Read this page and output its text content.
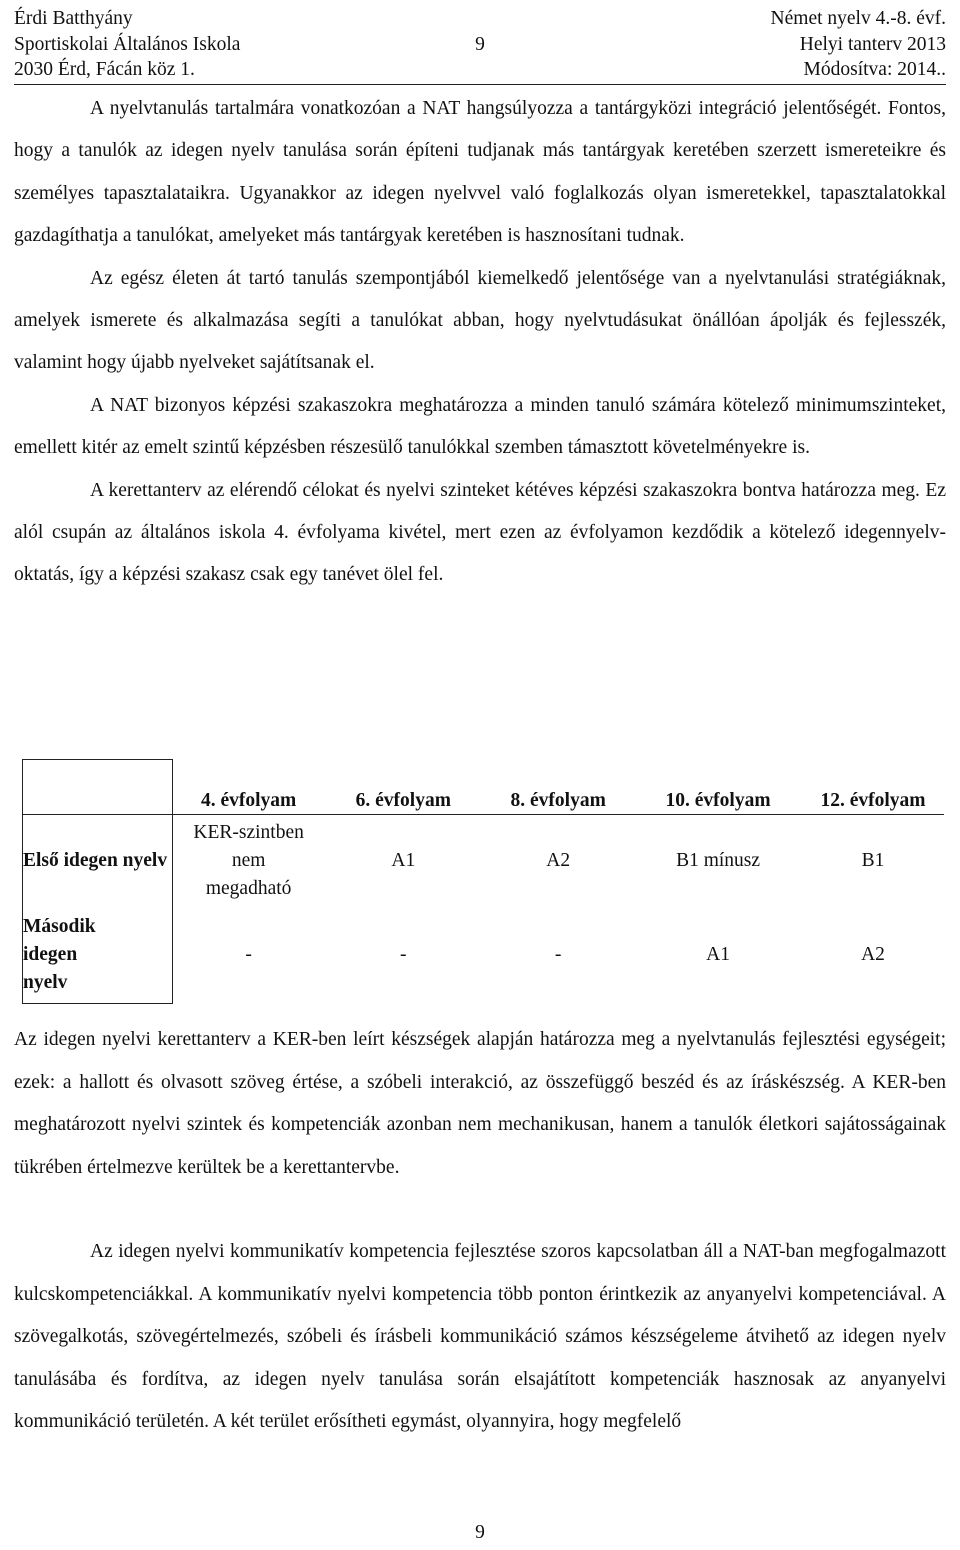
Érdi Batthyány	Német nyelv 4.-8. évf.
Sportiskolai Általános Iskola	9	Helyi tanterv 2013
2030 Érd, Fácán köz 1.	Módosítva: 2014..

A nyelvtanulás tartalmára vonatkozóan a NAT hangsúlyozza a tantárgyközi integráció jelentőségét. Fontos, hogy a tanulók az idegen nyelv tanulása során építeni tudjanak más tantárgyak keretében szerzett ismereteikre és személyes tapasztalataikra. Ugyanakkor az idegen nyelvvel való foglalkozás olyan ismeretekkel, tapasztalatokkal gazdagíthatja a tanulókat, amelyeket más tantárgyak keretében is hasznosítani tudnak.

Az egész életen át tartó tanulás szempontjából kiemelkedő jelentősége van a nyelvtanulási stratégiáknak, amelyek ismerete és alkalmazása segíti a tanulókat abban, hogy nyelvtudásukat önállóan ápolják és fejlesszék, valamint hogy újabb nyelveket sajátítsanak el.

A NAT bizonyos képzési szakaszokra meghatározza a minden tanuló számára kötelező minimumszinteket, emellett kitér az emelt szintű képzésben részesülő tanulókkal szemben támasztott követelményekre is.

A kerettanterv az elérendő célokat és nyelvi szinteket kétéves képzési szakaszokra bontva határozza meg. Ez alól csupán az általános iskola 4. évfolyama kivétel, mert ezen az évfolyamon kezdődik a kötelező idegennyelv-oktatás, így a képzési szakasz csak egy tanévet ölel fel.

	4. évfolyam	6. évfolyam	8. évfolyam	10. évfolyam	12. évfolyam
Első idegen nyelv	KER-szintben nem megadható	A1	A2	B1 mínusz	B1

Második idegen nyelv	-	-	-	A1	A2

Az idegen nyelvi kerettanterv a KER-ben leírt készségek alapján határozza meg a nyelvtanulás fejlesztési egységeit; ezek: a hallott és olvasott szöveg értése, a szóbeli interakció, az összefüggő beszéd és az íráskészség. A KER-ben meghatározott nyelvi szintek és kompetenciák azonban nem mechanikusan, hanem a tanulók életkori sajátosságainak tükrében értelmezve kerültek be a kerettantervbe.

Az idegen nyelvi kommunikatív kompetencia fejlesztése szoros kapcsolatban áll a NAT-ban megfogalmazott kulcskompetenciákkal. A kommunikatív nyelvi kompetencia több ponton érintkezik az anyanyelvi kompetenciával. A szövegalkotás, szövegértelmezés, szóbeli és írásbeli kommunikáció számos készségeleme átvihető az idegen nyelv tanulásába és fordítva, az idegen nyelv tanulása során elsajátított kompetenciák hasznosak az anyanyelvi kommunikáció területén. A két terület erősítheti egymást, olyannyira, hogy megfelelő

9
